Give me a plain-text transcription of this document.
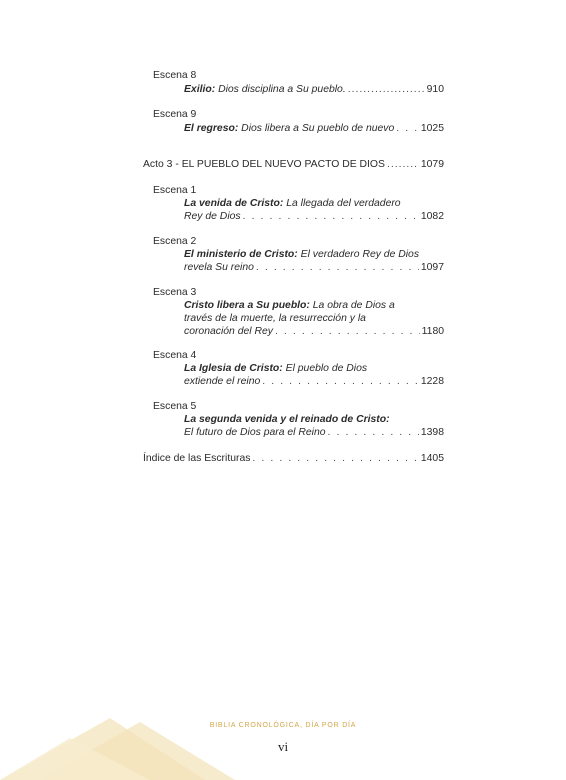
Escena 8
Exilio: Dios disciplina a Su pueblo. .....	910
Escena 9
El regreso: Dios libera a Su pueblo de nuevo . . .	1025
Acto 3 - EL PUEBLO DEL NUEVO PACTO DE DIOS .....	1079
Escena 1
La venida de Cristo: La llegada del verdadero
Rey de Dios . . .	1082
Escena 2
El ministerio de Cristo: El verdadero Rey de Dios
revela Su reino . . .	1097
Escena 3
Cristo libera a Su pueblo: La obra de Dios a
través de la muerte, la resurrección y la
coronación del Rey . . .	1180
Escena 4
La Iglesia de Cristo: El pueblo de Dios
extiende el reino . . .	1228
Escena 5
La segunda venida y el reinado de Cristo:
El futuro de Dios para el Reino . . .	1398
Índice de las Escrituras . . .	1405
BIBLIA CRONOLÓGICA, DÍA POR DÍA
vi
